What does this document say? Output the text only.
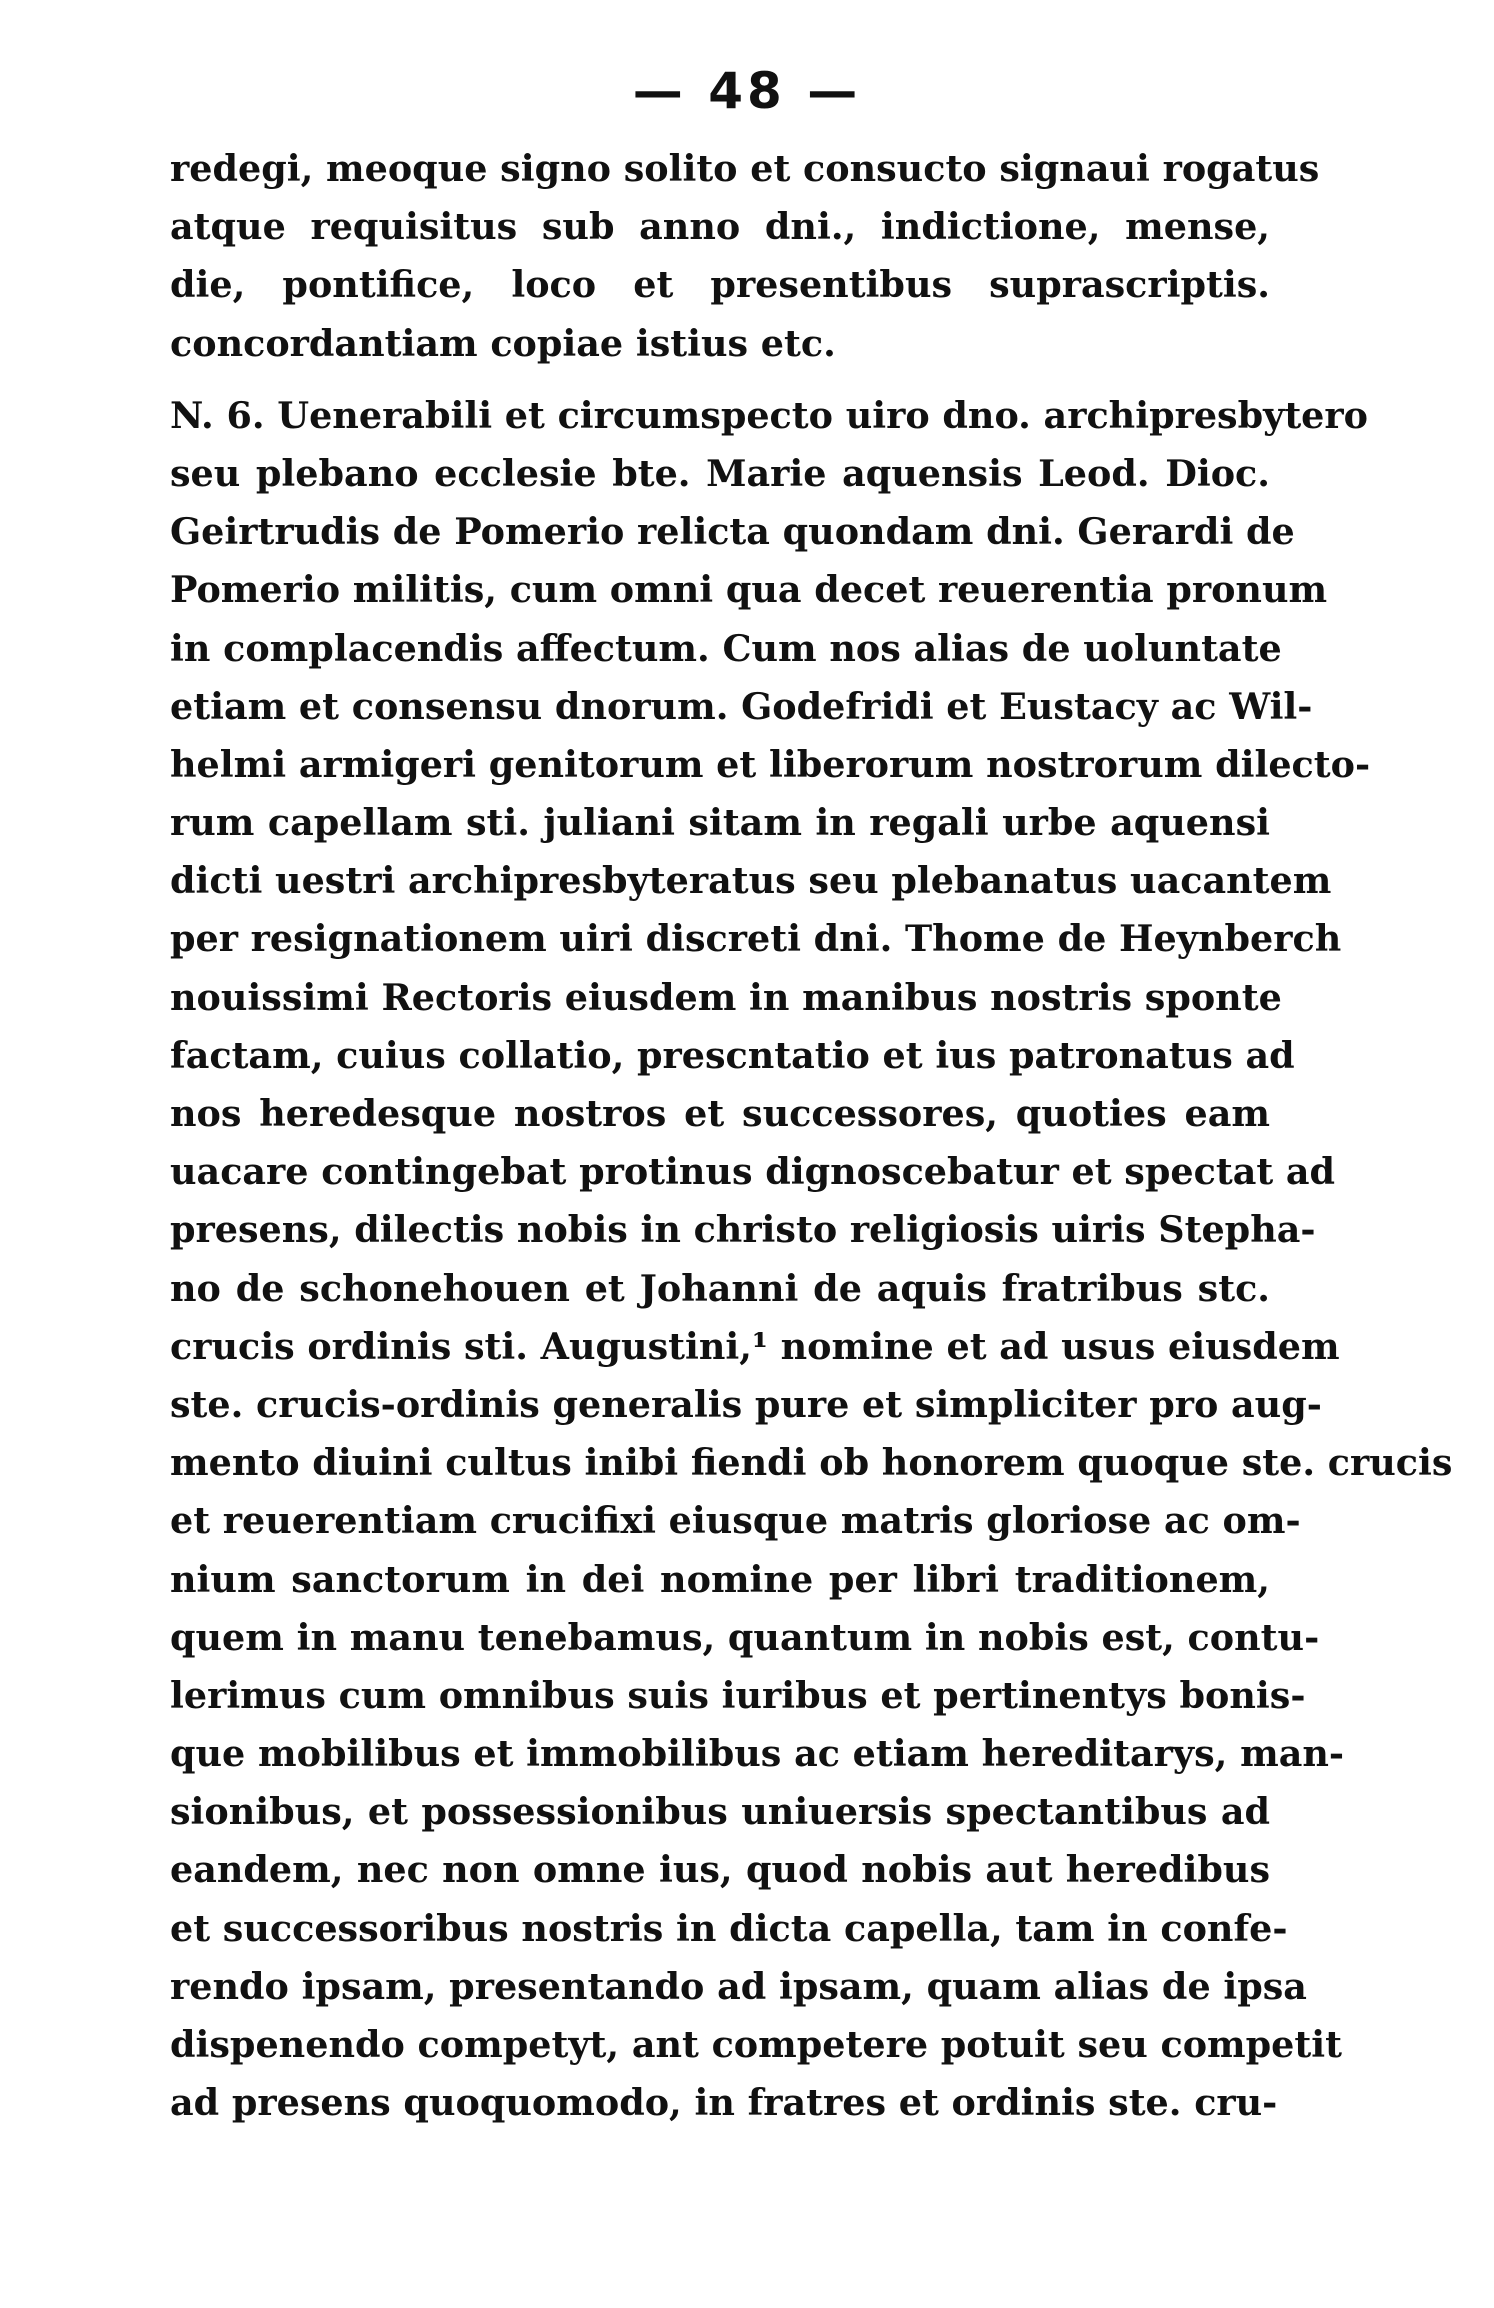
— 48 —
redegi, meoque signo solito et consucto signaui rogatus
atque requisitus sub anno dni., indictione, mense,
die, pontifice, loco et presentibus suprascriptis.
concordantiam copiae istius etc.
N. 6. Uenerabili et circumspecto uiro dno. archipresbytero
seu plebano ecclesie bte. Marie aquensis Leod. Dioc.
Geirtrudis de Pomerio relicta quondam dni. Gerardi de
Pomerio militis, cum omni qua decet reuerentia pronum
in complacendis affectum. Cum nos alias de uoluntate
etiam et consensu dnorum. Godefridi et Eustacy ac Wil-
helmi armigeri genitorum et liberorum nostrorum dilecto-
rum capellam sti. juliani sitam in regali urbe aquensi
dicti uestri archipresbyteratus seu plebanatus uacantem
per resignationem uiri discreti dni. Thome de Heynberch
nouissimi Rectoris eiusdem in manibus nostris sponte
factam, cuius collatio, prescntatio et ius patronatus ad
nos heredesque nostros et successores, quoties eam
uacare contingebat protinus dignoscebatur et spectat ad
presens, dilectis nobis in christo religiosis uiris Stepha-
no de schonehouen et Johanni de aquis fratribus stc.
crucis ordinis sti. Augustini,¹ nomine et ad usus eiusdem
ste. crucis-ordinis generalis pure et simpliciter pro aug-
mento diuini cultus inibi fiendi ob honorem quoque ste. crucis
et reuerentiam crucifixi eiusque matris gloriose ac om-
nium sanctorum in dei nomine per libri traditionem,
quem in manu tenebamus, quantum in nobis est, contu-
lerimus cum omnibus suis iuribus et pertinentys bonis-
que mobilibus et immobilibus ac etiam hereditarys, man-
sionibus, et possessionibus uniuersis spectantibus ad
eandem, nec non omne ius, quod nobis aut heredibus
et successoribus nostris in dicta capella, tam in confe-
rendo ipsam, presentando ad ipsam, quam alias de ipsa
dispenendo competyt, ant competere potuit seu competit
ad presens quoquomodo, in fratres et ordinis ste. cru-
